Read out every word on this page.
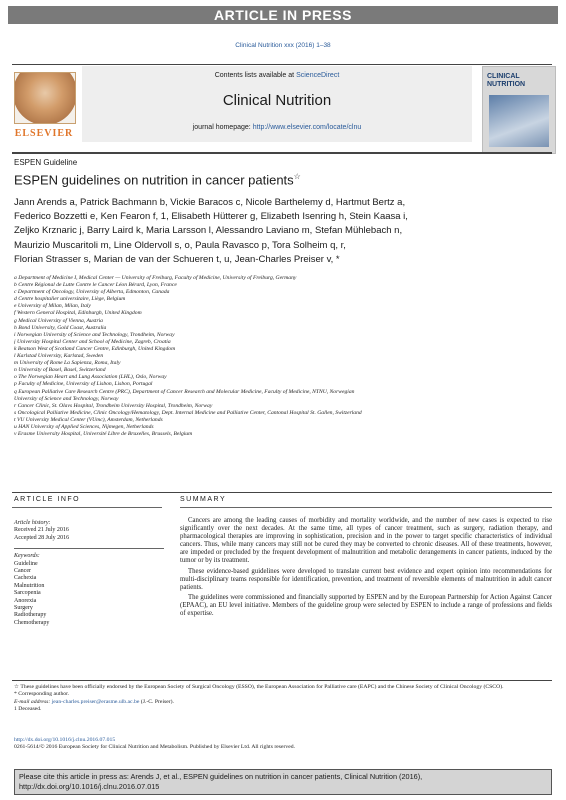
ARTICLE IN PRESS
Clinical Nutrition xxx (2016) 1–38
ELSEVIER
Contents lists available at ScienceDirect
Clinical Nutrition
journal homepage: http://www.elsevier.com/locate/clnu
CLINICAL NUTRITION
ESPEN Guideline
ESPEN guidelines on nutrition in cancer patients☆
Jann Arends a, Patrick Bachmann b, Vickie Baracos c, Nicole Barthelemy d, Hartmut Bertz a,
Federico Bozzetti e, Ken Fearon f, 1, Elisabeth Hütterer g, Elizabeth Isenring h, Stein Kaasa i,
Zeljko Krznaric j, Barry Laird k, Maria Larsson l, Alessandro Laviano m, Stefan Mühlebach n,
Maurizio Muscaritoli m, Line Oldervoll s, o, Paula Ravasco p, Tora Solheim q, r,
Florian Strasser s, Marian de van der Schueren t, u, Jean-Charles Preiser v, *
a Department of Medicine I, Medical Center — University of Freiburg, Faculty of Medicine, University of Freiburg, Germany
b Centre Régional de Lutte Contre le Cancer Léon Bérard, Lyon, France
c Department of Oncology, University of Alberta, Edmonton, Canada
d Centre hospitalier universitaire, Liège, Belgium
e University of Milan, Milan, Italy
f Western General Hospital, Edinburgh, United Kingdom
g Medical University of Vienna, Austria
h Bond University, Gold Coast, Australia
i Norwegian University of Science and Technology, Trondheim, Norway
j University Hospital Center and School of Medicine, Zagreb, Croatia
k Beatson West of Scotland Cancer Centre, Edinburgh, United Kingdom
l Karlstad University, Karlstad, Sweden
m University of Rome La Sapienza, Roma, Italy
n University of Basel, Basel, Switzerland
o The Norwegian Heart and Lung Association (LHL), Oslo, Norway
p Faculty of Medicine, University of Lisbon, Lisbon, Portugal
q European Palliative Care Research Centre (PRC), Department of Cancer Research and Molecular Medicine, Faculty of Medicine, NTNU, Norwegian
University of Science and Technology, Norway
r Cancer Clinic, St. Olavs Hospital, Trondheim University Hospital, Trondheim, Norway
s Oncological Palliative Medicine, Clinic Oncology/Hematology, Dept. Internal Medicine and Palliative Center, Cantonal Hospital St. Gallen, Switzerland
t VU University Medical Center (VUmc), Amsterdam, Netherlands
u HAN University of Applied Sciences, Nijmegen, Netherlands
v Erasme University Hospital, Université Libre de Bruxelles, Brussels, Belgium
ARTICLE INFO	SUMMARY
Article history:
Received 21 July 2016
Accepted 28 July 2016
Keywords:
Guideline
Cancer
Cachexia
Malnutrition
Sarcopenia
Anorexia
Surgery
Radiotherapy
Chemotherapy

Cancers are among the leading causes of morbidity and mortality worldwide, and the number of new cases is expected to rise significantly over the next decades. At the same time, all types of cancer treatment, such as surgery, radiation therapy, and pharmacological therapies are improving in sophistication, precision and in the power to target specific characteristics of individual cancers. Thus, while many cancers may still not be cured they may be converted to chronic diseases. All of these treatments, however, are impeded or precluded by the frequent development of malnutrition and metabolic derangements in cancer patients, induced by the tumor or by its treatment.

These evidence-based guidelines were developed to translate current best evidence and expert opinion into recommendations for multi-disciplinary teams responsible for identification, prevention, and treatment of reversible elements of malnutrition in adult cancer patients.

The guidelines were commissioned and financially supported by ESPEN and by the European Partnership for Action Against Cancer (EPAAC), an EU level initiative. Members of the guideline group were selected by ESPEN to include a range of professions and fields of expertise.

☆ These guidelines have been officially endorsed by the European Society of Surgical Oncology (ESSO), the European Association for Palliative care (EAPC) and the Chinese Society of Clinical Oncology (CSCO).
* Corresponding author.
E-mail address: jean-charles.preiser@erasme.ulb.ac.be (J.-C. Preiser).
1 Deceased.
http://dx.doi.org/10.1016/j.clnu.2016.07.015
0261-5614/© 2016 European Society for Clinical Nutrition and Metabolism. Published by Elsevier Ltd. All rights reserved.
Please cite this article in press as: Arends J, et al., ESPEN guidelines on nutrition in cancer patients, Clinical Nutrition (2016), http://dx.doi.org/10.1016/j.clnu.2016.07.015
